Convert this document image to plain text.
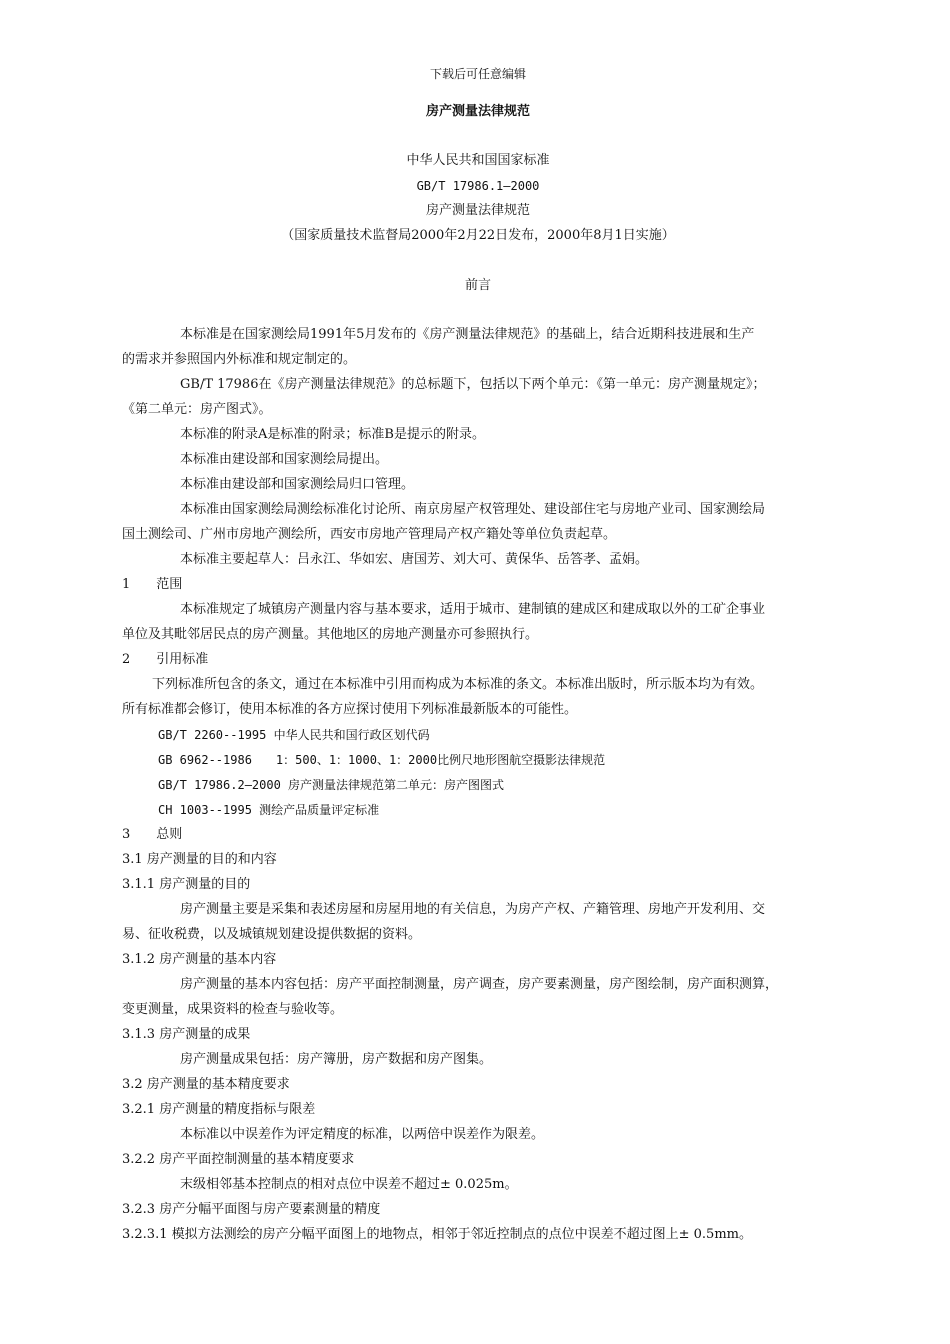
下载后可任意编辑
房产测量法律规范
中华人民共和国国家标准
GB/T 17986.1—2000
房产测量法律规范
（国家质量技术监督局2000年2月22日发布，2000年8月1日实施）
前言
本标准是在国家测绘局1991年5月发布的《房产测量法律规范》的基础上，结合近期科技进展和生产
的需求并参照国内外标准和规定制定的。
GB/T 17986在《房产测量法律规范》的总标题下，包括以下两个单元：《第一单元：房产测量规定》；
《第二单元：房产图式》。
本标准的附录A是标准的附录；标准B是提示的附录。
本标准由建设部和国家测绘局提出。
本标准由建设部和国家测绘局归口管理。
本标准由国家测绘局测绘标准化讨论所、南京房屋产权管理处、建设部住宅与房地产业司、国家测绘局
国土测绘司、广州市房地产测绘所，西安市房地产管理局产权产籍处等单位负责起草。
本标准主要起草人：吕永江、华如宏、唐国芳、刘大可、黄保华、岳答孝、孟娟。
1　　范围
本标准规定了城镇房产测量内容与基本要求，适用于城市、建制镇的建成区和建成取以外的工矿企事业
单位及其毗邻居民点的房产测量。其他地区的房地产测量亦可参照执行。
2　　引用标准
下列标准所包含的条文，通过在本标准中引用而构成为本标准的条文。本标准出版时，所示版本均为有效。
所有标准都会修订，使用本标准的各方应探讨使用下列标准最新版本的可能性。
GB/T 2260--1995 中华人民共和国行政区划代码
GB 6962--1986　　1：500、1：1000、1：2000比例尺地形图航空摄影法律规范
GB/T 17986.2—2000 房产测量法律规范第二单元：房产图图式
CH 1003--1995 测绘产品质量评定标准
3　　总则
3.1 房产测量的目的和内容
3.1.1 房产测量的目的
房产测量主要是采集和表述房屋和房屋用地的有关信息，为房产产权、产籍管理、房地产开发利用、交
易、征收税费，以及城镇规划建设提供数据的资料。
3.1.2 房产测量的基本内容
房产测量的基本内容包括：房产平面控制测量，房产调查，房产要素测量，房产图绘制，房产面积测算，
变更测量，成果资料的检查与验收等。
3.1.3 房产测量的成果
房产测量成果包括：房产簿册，房产数据和房产图集。
3.2 房产测量的基本精度要求
3.2.1 房产测量的精度指标与限差
本标准以中误差作为评定精度的标准，以两倍中误差作为限差。
3.2.2 房产平面控制测量的基本精度要求
末级相邻基本控制点的相对点位中误差不超过± 0.025m。
3.2.3 房产分幅平面图与房产要素测量的精度
3.2.3.1 模拟方法测绘的房产分幅平面图上的地物点，相邻于邻近控制点的点位中误差不超过图上± 0.5mm。
